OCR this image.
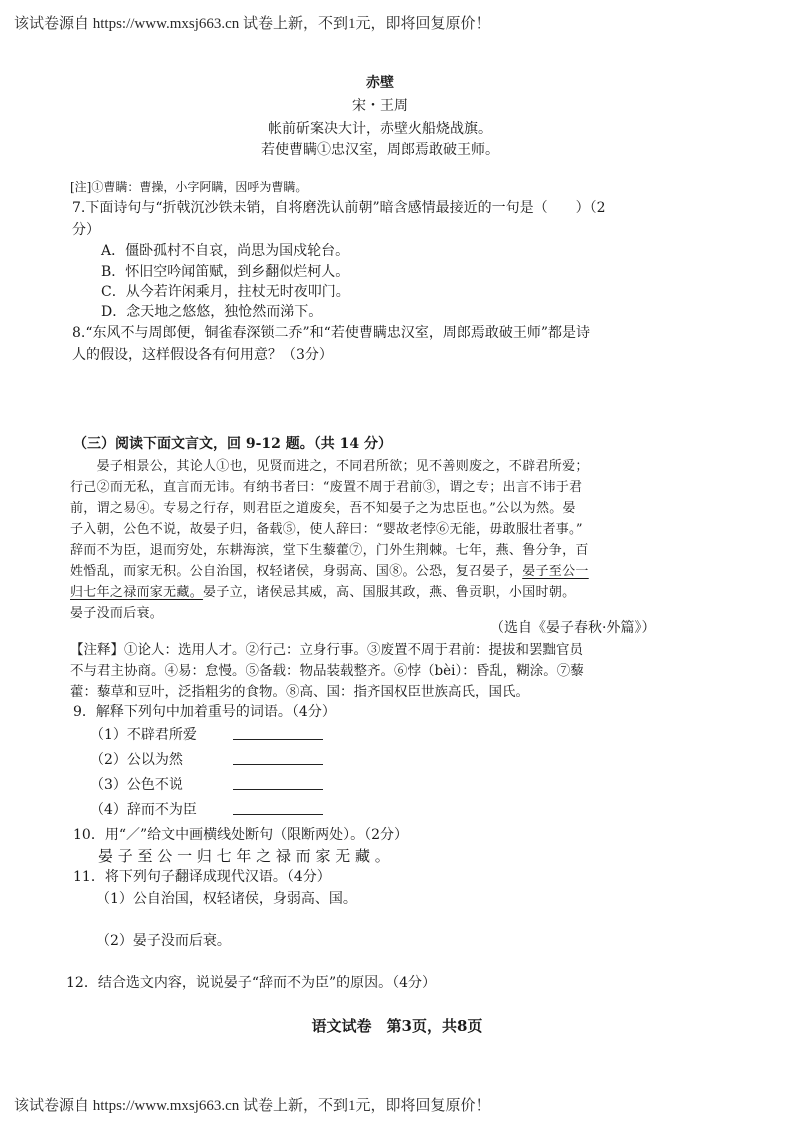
该试卷源自 https://www.mxsj663.cn 试卷上新，不到1元，即将回复原价！

赤壁

宋・王周

帐前斫案决大计，赤壁火船烧战旗。

若使曹瞒①忠汉室，周郎焉敢破王师。

[注]①曹瞒：曹操，小字阿瞒，因呼为曹瞒。

7.下面诗句与“折戟沉沙铁未销，自将磨洗认前朝”暗含感情最接近的一句是（　　）（2

分）

A．僵卧孤村不自哀，尚思为国戍轮台。

B．怀旧空吟闻笛赋，到乡翻似烂柯人。

C．从今若许闲乘月，拄杖无时夜叩门。

D．念天地之悠悠，独怆然而涕下。

8.“东风不与周郎便，铜雀春深锁二乔”和“若使曹瞒忠汉室，周郎焉敢破王师”都是诗

人的假设，这样假设各有何用意？（3分）

（三）阅读下面文言文，回 9-12 题。（共 14 分）

　　晏子相景公，其论人①也，见贤而进之，不同君所欲；见不善则废之，不辟君所爱；

行己②而无私，直言而无讳。有纳书者曰：“废置不周于君前③，谓之专；出言不讳于君

前，谓之易④。专易之行存，则君臣之道废矣，吾不知晏子之为忠臣也。”公以为然。晏

子入朝，公色不说，故晏子归，备载⑤，使人辞曰：“婴故老悖⑥无能，毋敢服壮者事。”

辞而不为臣，退而穷处，东耕海滨，堂下生藜藿⑦，门外生荆棘。七年，燕、鲁分争，百

姓惛乱，而家无积。公自治国，权轻诸侯，身弱高、国⑧。公恐，复召晏子，晏子至公一

归七年之禄而家无藏。晏子立，诸侯忌其威，高、国服其政，燕、鲁贡职，小国时朝。

晏子没而后衰。

（选自《晏子春秋·外篇》）

【注释】①论人：选用人才。②行己：立身行事。③废置不周于君前：提拔和罢黜官员

不与君主协商。④易：怠慢。⑤备载：物品装载整齐。⑥悖（bèi）：昏乱，糊涂。⑦藜

藿：藜草和豆叶，泛指粗劣的食物。⑧高、国：指齐国权臣世族高氏，国氏。

9．解释下列句中加着重号的词语。（4分）

（1）不辟君所爱

（2）公以为然

（3）公色不说

（4）辞而不为臣

10．用“／”给文中画横线处断句（限断两处）。（2分）

晏 子 至 公 一 归 七 年 之 禄 而 家 无 藏 。

11．将下列句子翻译成现代汉语。（4分）

（1）公自治国，权轻诸侯，身弱高、国。

（2）晏子没而后衰。

12．结合选文内容，说说晏子“辞而不为臣”的原因。（4分）

语文试卷　第3页，共8页

该试卷源自 https://www.mxsj663.cn 试卷上新，不到1元，即将回复原价！
